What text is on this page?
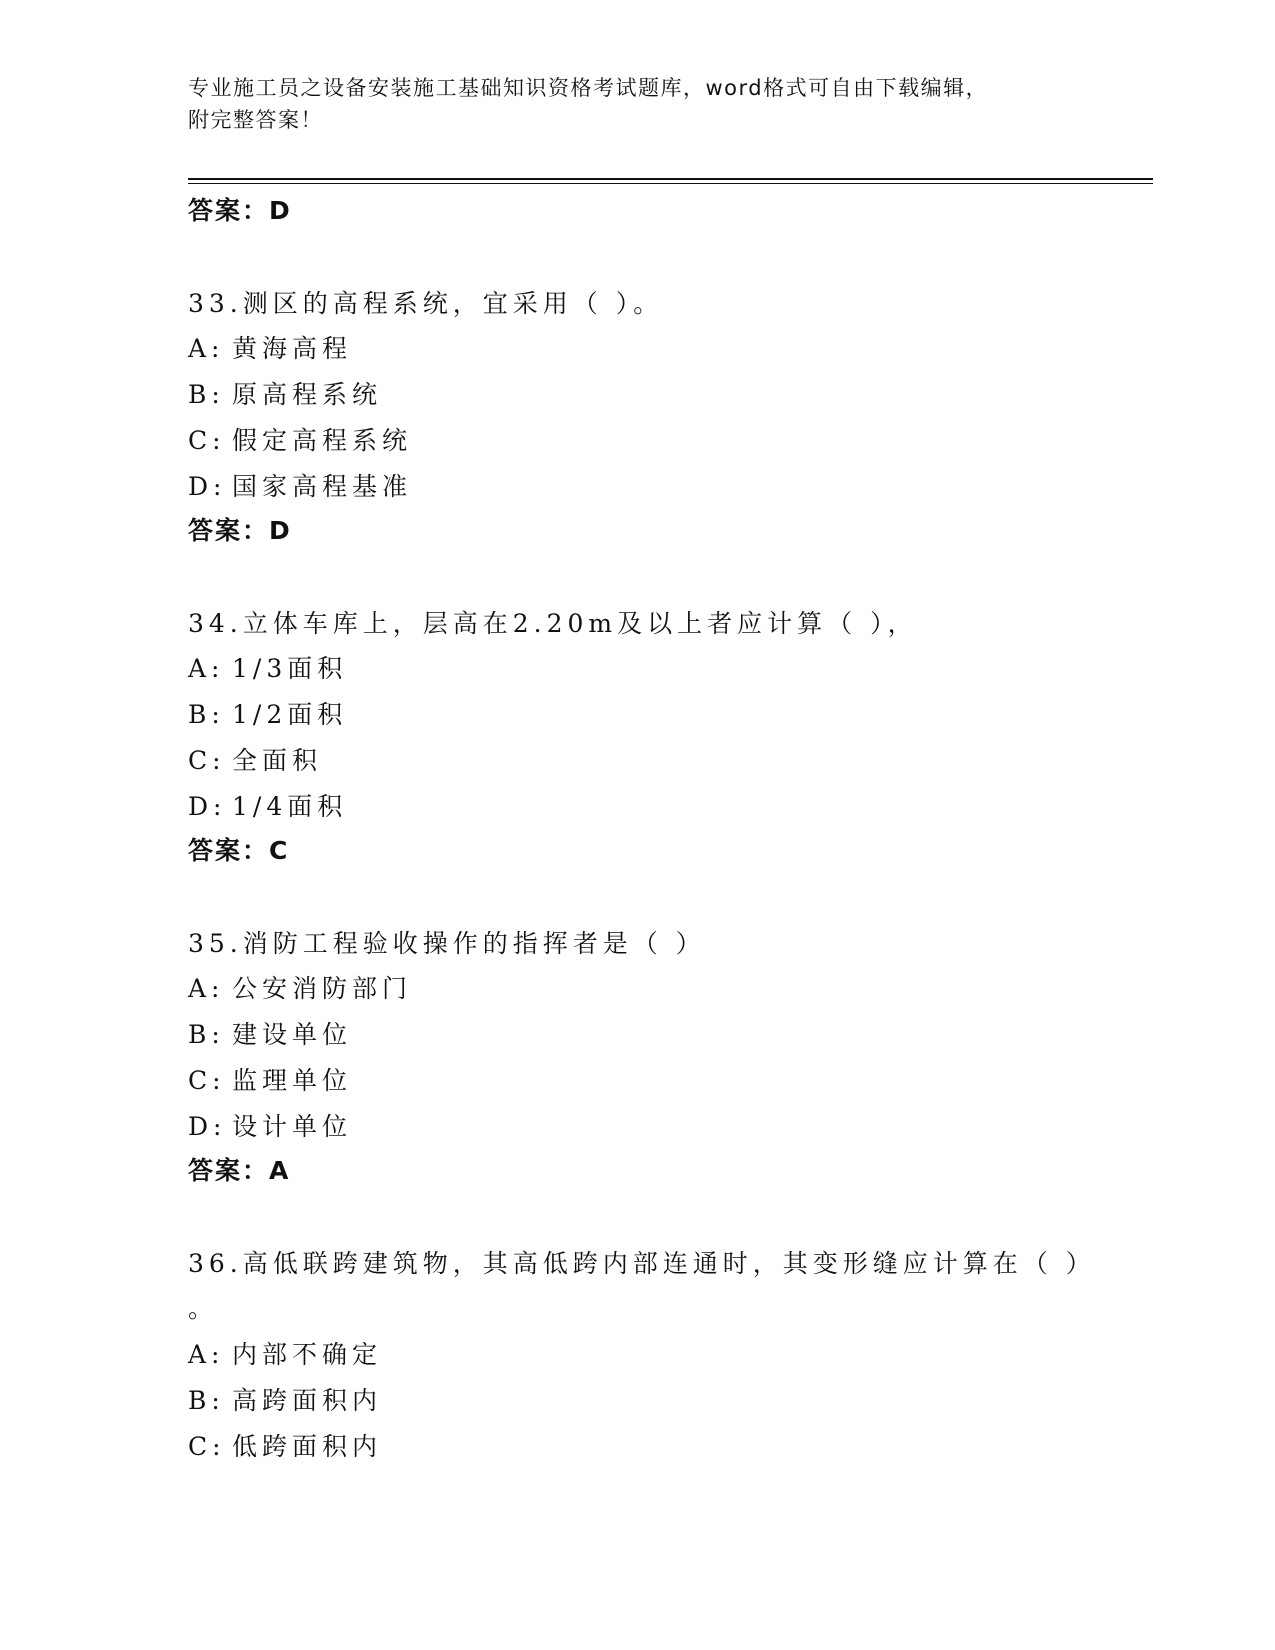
专业施工员之设备安装施工基础知识资格考试题库，word格式可自由下载编辑，
附完整答案！
答案：D
33.测区的高程系统，宜采用（ ）。
A: 黄海高程
B: 原高程系统
C: 假定高程系统
D: 国家高程基准
答案：D
34.立体车库上，层高在2.20m及以上者应计算（ ），
A: 1/3面积
B: 1/2面积
C: 全面积
D: 1/4面积
答案：C
35.消防工程验收操作的指挥者是（ ）
A: 公安消防部门
B: 建设单位
C: 监理单位
D: 设计单位
答案：A
36.高低联跨建筑物，其高低跨内部连通时，其变形缝应计算在（ ）
。
A: 内部不确定
B: 高跨面积内
C: 低跨面积内
